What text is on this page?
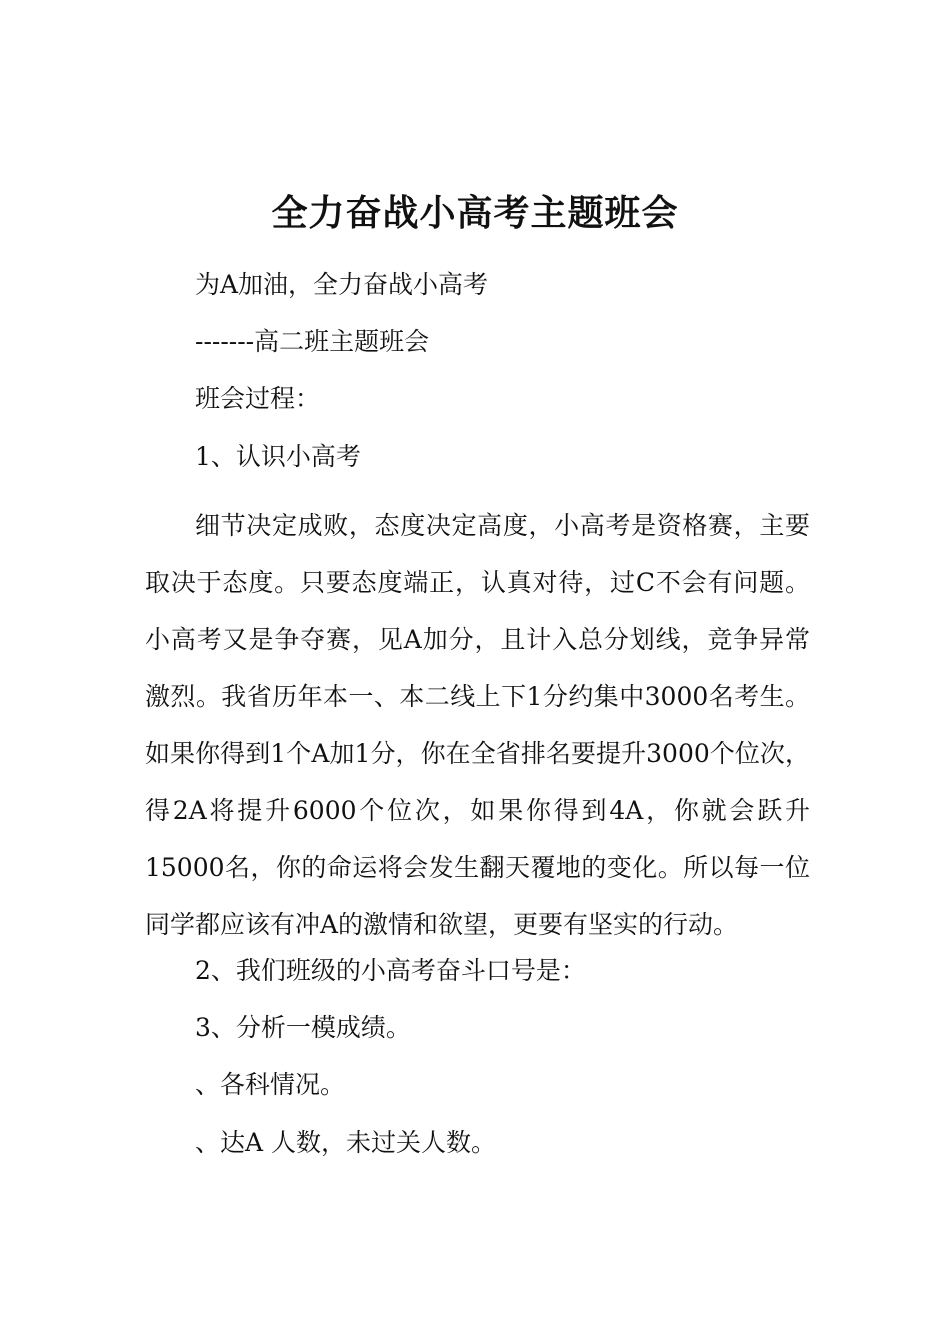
全力奋战小高考主题班会

为A加油，全力奋战小高考

-------高二班主题班会

班会过程：

1、认识小高考

细节决定成败，态度决定高度，小高考是资格赛，主要取决于态度。只要态度端正，认真对待，过C不会有问题。小高考又是争夺赛，见A加分，且计入总分划线，竞争异常激烈。我省历年本一、本二线上下1分约集中3000名考生。如果你得到1个A加1分，你在全省排名要提升3000个位次，得2A将提升6000个位次，如果你得到4A，你就会跃升15000名，你的命运将会发生翻天覆地的变化。所以每一位同学都应该有冲A的激情和欲望，更要有坚实的行动。

2、我们班级的小高考奋斗口号是：

3、分析一模成绩。

、各科情况。

、达A 人数，未过关人数。
